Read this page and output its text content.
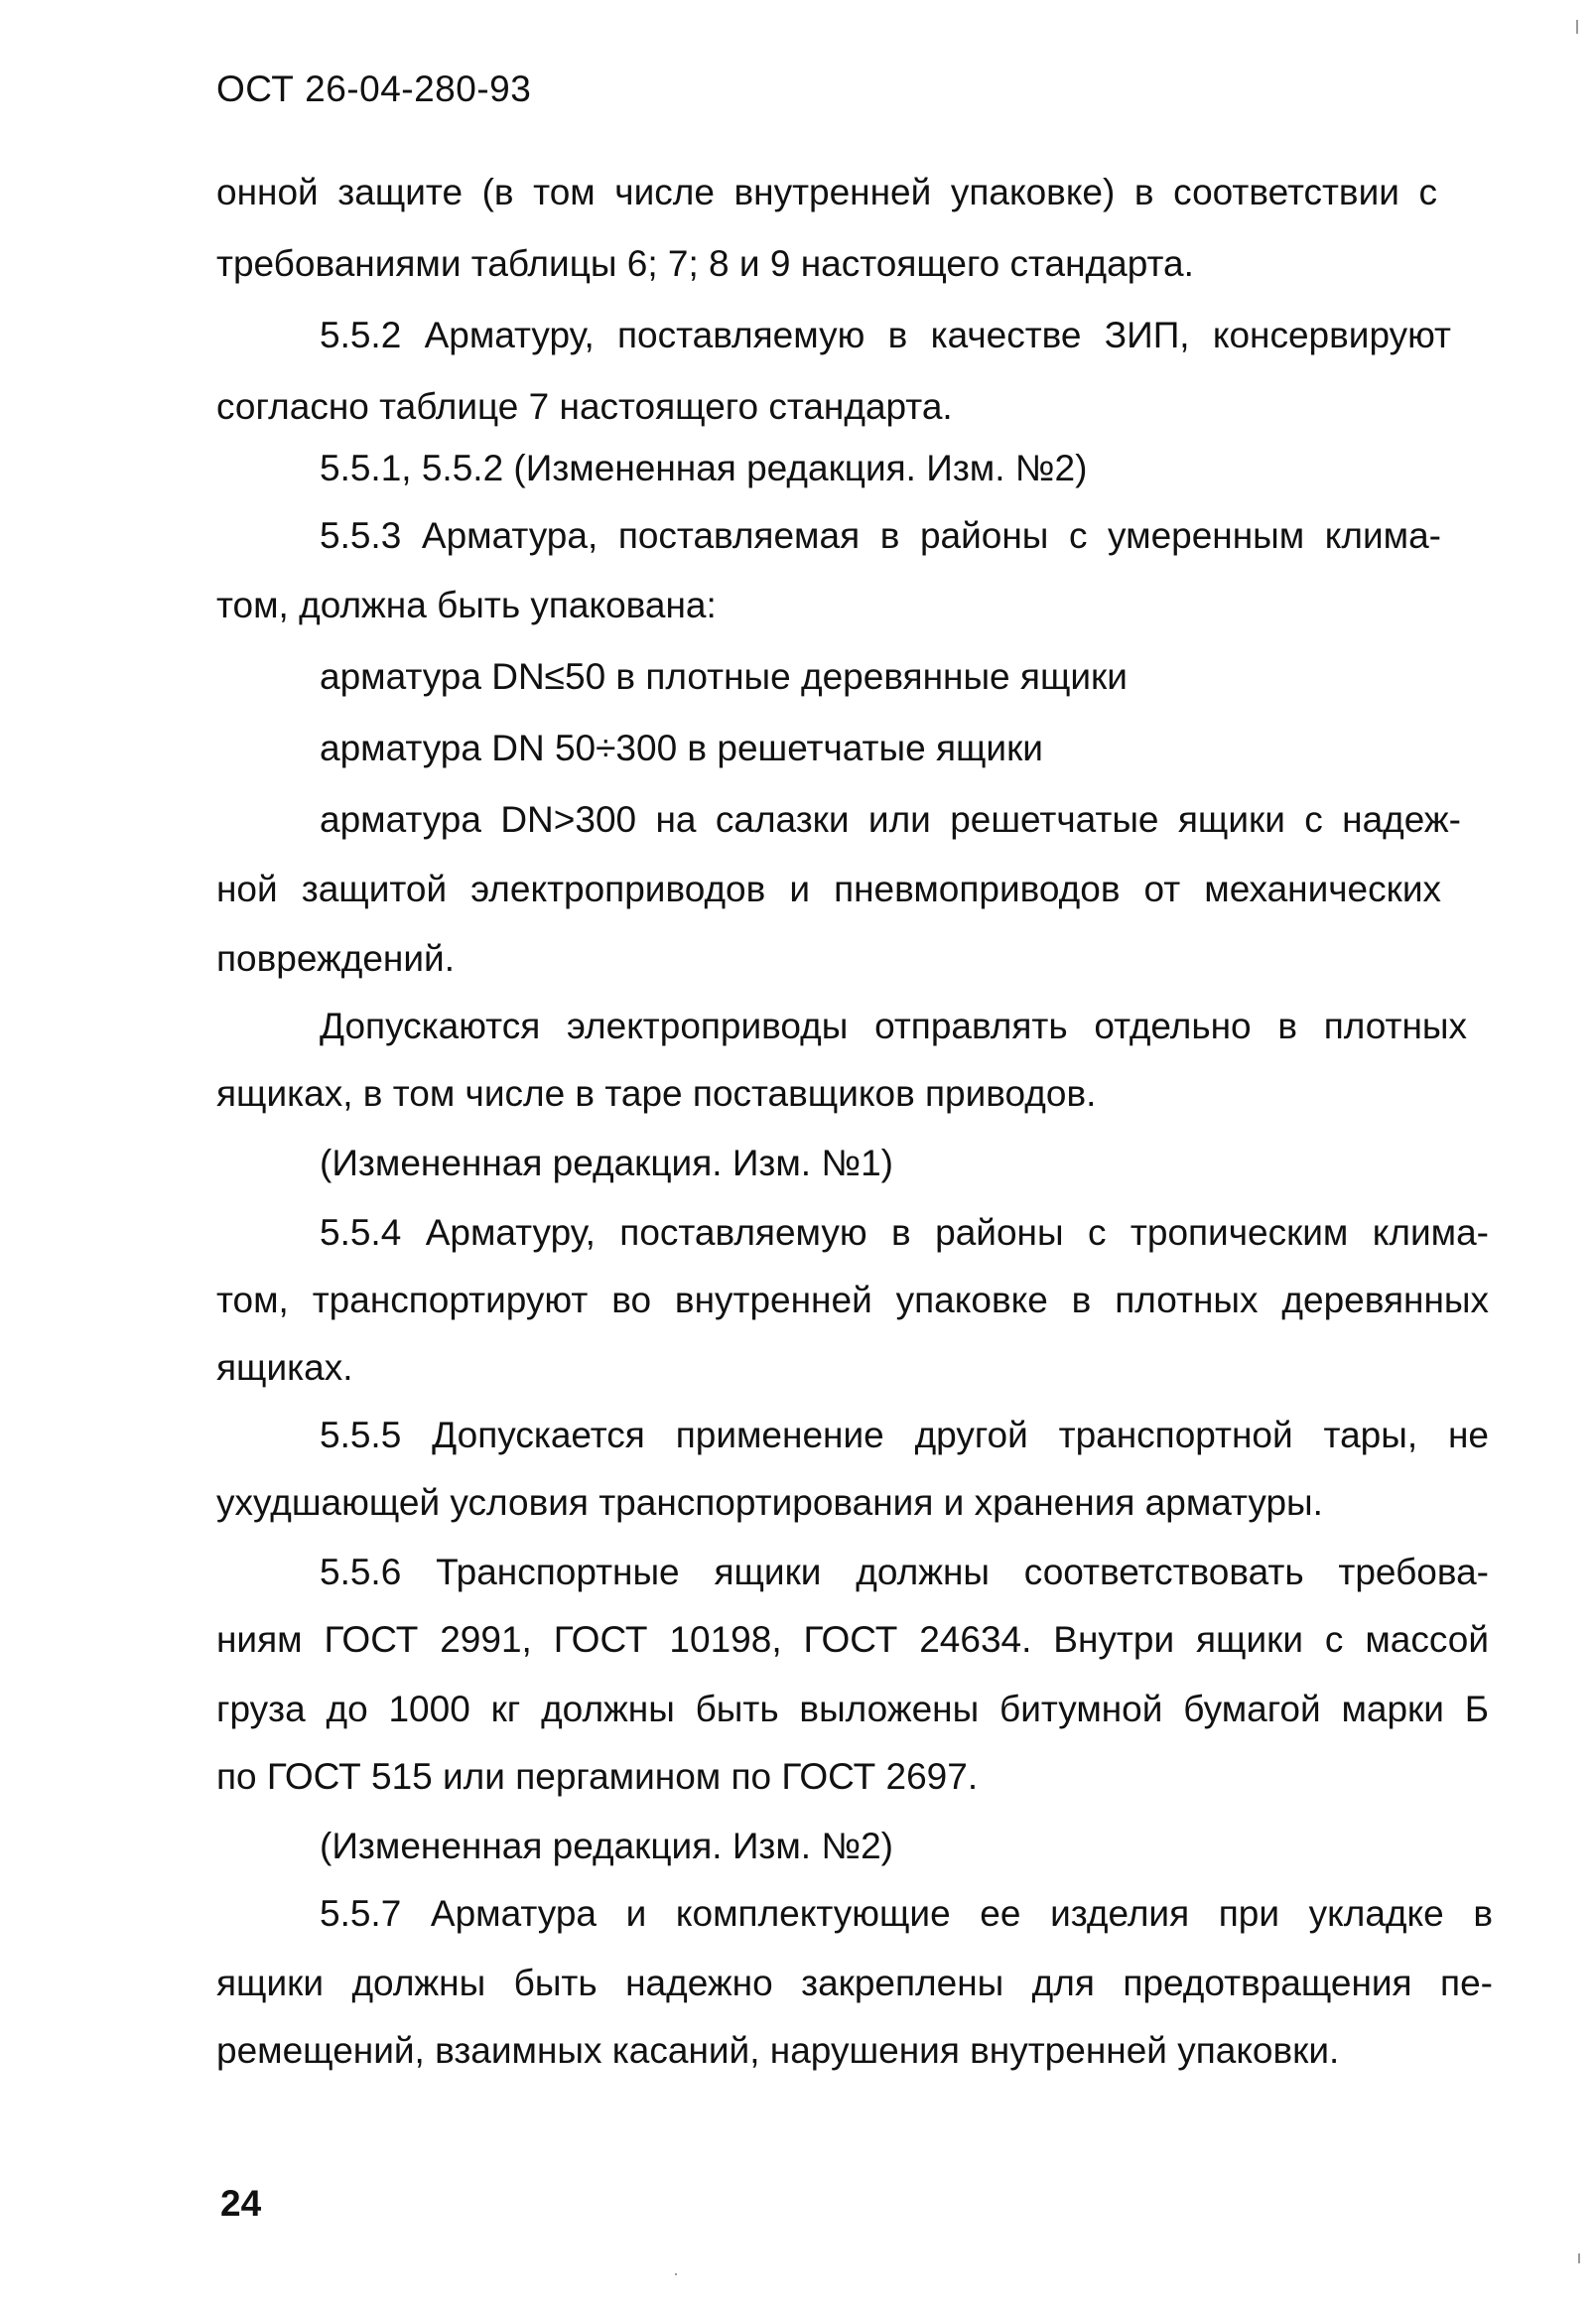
ОСТ 26-04-280-93
онной защите (в том числе внутренней упаковке) в соответствии с
требованиями таблицы 6; 7; 8 и 9 настоящего стандарта.
5.5.2 Арматуру, поставляемую в качестве ЗИП, консервируют
согласно таблице 7 настоящего стандарта.
5.5.1, 5.5.2 (Измененная редакция. Изм. №2)
5.5.3 Арматура, поставляемая в районы с умеренным клима-
том, должна быть упакована:
арматура DN≤50 в плотные деревянные ящики
арматура DN 50÷300 в решетчатые ящики
арматура DN>300 на салазки или решетчатые ящики с надеж-
ной защитой электроприводов и пневмоприводов от механических
повреждений.
Допускаются электроприводы отправлять отдельно в плотных
ящиках, в том числе в таре поставщиков приводов.
(Измененная редакция. Изм. №1)
5.5.4 Арматуру, поставляемую в районы с тропическим клима-
том, транспортируют во внутренней упаковке в плотных деревянных
ящиках.
5.5.5 Допускается применение другой транспортной тары, не
ухудшающей условия транспортирования и хранения арматуры.
5.5.6 Транспортные ящики должны соответствовать требова-
ниям ГОСТ 2991, ГОСТ 10198, ГОСТ 24634. Внутри ящики с массой
груза до 1000 кг должны быть выложены битумной бумагой марки Б
по ГОСТ 515 или пергамином по ГОСТ 2697.
(Измененная редакция. Изм. №2)
5.5.7 Арматура и комплектующие ее изделия при укладке в
ящики должны быть надежно закреплены для предотвращения пе-
ремещений, взаимных касаний, нарушения внутренней упаковки.
24
